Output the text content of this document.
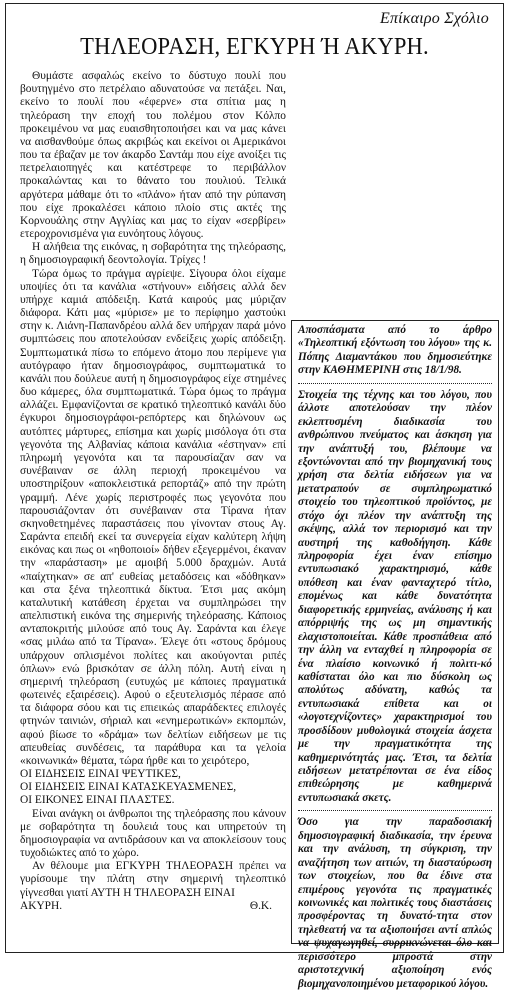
Επίκαιρο Σχόλιο
ΤΗΛΕΟΡΑΣΗ, ΕΓΚΥΡΗ Ή ΑΚΥΡΗ.

Θυμάστε ασφαλώς εκείνο το δύστυχο πουλί που βουτηγμένο στο πετρέλαιο αδυνατούσε να πετάξει. Ναι, εκείνο το πουλί που «έφερνε» στα σπίτια μας η τηλεόραση την εποχή του πολέμου στον Κόλπο προκειμένου να μας ευαισθητοποιήσει και να μας κάνει να αισθανθούμε όπως ακριβώς και εκείνοι οι Αμερικάνοι που τα έβαζαν με τον άκαρδο Σαντάμ που είχε ανοίξει τις πετρελαιοπηγές και κατέστρεφε το περιβάλλον προκαλώντας και το θάνατο του πουλιού. Τελικά αργότερα μάθαμε ότι το «πλάνο» ήταν από την ρύπανση που είχε προκαλέσει κάποιο πλοίο στις ακτές της Κορνουάλης στην Αγγλίας και μας το είχαν «σερβίρει» ετεροχρονισμένα για ευνόητους λόγους.

Η αλήθεια της εικόνας, η σοβαρότητα της τηλεόρασης, η δημοσιογραφική δεοντολογία. Τρίχες !

Τώρα όμως το πράγμα αγρίεψε. Σίγουρα όλοι είχαμε υποψίες ότι τα κανάλια «στήνουν» ειδήσεις αλλά δεν υπήρχε καμιά απόδειξη. Κατά καιρούς μας μύριζαν διάφορα. Κάτι μας «μύρισε» με το περίφημο χαστούκι στην κ. Λιάνη-Παπανδρέου αλλά δεν υπήρχαν παρά μόνο συμπτώσεις που αποτελούσαν ενδείξεις χωρίς απόδειξη. Συμπτωματικά πίσω το επόμενο άτομο που περίμενε για αυτόγραφο ήταν δημοσιογράφος, συμπτωματικά το κανάλι που δούλευε αυτή η δημοσιογράφος είχε στημένες δυο κάμερες, όλα συμπτωματικά. Τώρα όμως το πράγμα αλλάζει. Εμφανίζονται σε κρατικό τηλεοπτικό κανάλι δύο έγκυροι δημοσιογράφοι-ρεπόρτερς και δηλώνουν ως αυτόπτες μάρτυρες, επίσημα και χωρίς μισόλογα ότι στα γεγονότα της Αλβανίας κάποια κανάλια «έστηναν» επί πληρωμή γεγονότα και τα παρουσίαζαν σαν να συνέβαιναν σε άλλη περιοχή προκειμένου να υποστηρίξουν «αποκλειστικά ρεπορτάζ» από την πρώτη γραμμή. Λένε χωρίς περιστροφές πως γεγονότα που παρουσιάζονταν ότι συνέβαιναν στα Τίρανα ήταν σκηνοθετημένες παραστάσεις που γίνονταν στους Αγ. Σαράντα επειδή εκεί τα συνεργεία είχαν καλύτερη λήψη εικόνας και πως οι «ηθοποιοί» δήθεν εξεγερμένοι, έκαναν την «παράσταση» με αμοιβή 5.000 δραχμών. Αυτά «παίχτηκαν» σε απ' ευθείας μεταδόσεις και «δόθηκαν» και στα ξένα τηλεοπτικά δίκτυα. Έτσι μας ακόμη καταλυτική κατάθεση έρχεται να συμπληρώσει την απελπιστική εικόνα της σημερινής τηλεόρασης. Κάποιος ανταποκριτής μιλούσε από τους Αγ. Σαράντα και έλεγε «σας μιλάω από τα Τίρανα». Έλεγε ότι «στους δρόμους υπάρχουν οπλισμένοι πολίτες και ακούγονται ριπές όπλων» ενώ βρισκόταν σε άλλη πόλη. Αυτή είναι η σημερινή τηλεόραση (ευτυχώς με κάποιες πραγματικά φωτεινές εξαιρέσεις). Αφού ο εξευτελισμός πέρασε από τα διάφορα σόου και τις επιεικώς απαράδεκτες επιλογές φτηνών ταινιών, σήριαλ και «ενημερωτικών» εκπομπών, αφού βίωσε το «δράμα» των δελτίων ειδήσεων με τις απευθείας συνδέσεις, τα παράθυρα και τα γελοία «κοινωνικά» θέματα, τώρα ήρθε και το χειρότερο,

ΟΙ ΕΙΔΗΣΕΙΣ ΕΙΝΑΙ ΨΕΥΤΙΚΕΣ,
ΟΙ ΕΙΔΗΣΕΙΣ ΕΙΝΑΙ ΚΑΤΑΣΚΕΥΑΣΜΕΝΕΣ,
ΟΙ ΕΙΚΟΝΕΣ ΕΙΝΑΙ ΠΛΑΣΤΕΣ.

Είναι ανάγκη οι άνθρωποι της τηλεόρασης που κάνουν με σοβαρότητα τη δουλειά τους και υπηρετούν τη δημοσιογραφία να αντιδράσουν και να αποκλείσουν τους τυχοδιώκτες από το χώρο.

Αν θέλουμε μια ΕΓΚΥΡΗ ΤΗΛΕΟΡΑΣΗ πρέπει να γυρίσουμε την πλάτη στην σημερινή τηλεοπτικό γίγνεσθαι γιατί ΑΥΤΗ Η ΤΗΛΕΟΡΑΣΗ ΕΙΝΑΙ

ΑΚΥΡΗ.	Θ.Κ.

Αποσπάσματα από το άρθρο «Τηλεοπτική εξόντωση του λόγου» της κ. Πόπης Διαμαντάκου που δημοσιεύτηκε στην ΚΑΘΗΜΕΡΙΝΗ στις 18/1/98.

Στοιχεία της τέχνης και του λόγου, που άλλοτε αποτελούσαν την πλέον εκλεπτυσμένη διαδικασία του ανθρώπινου πνεύματος και άσκηση για την ανάπτυξή του, βλέπουμε να εξοντώνονται από την βιομηχανική τους χρήση στα δελτία ειδήσεων για να μετατραπούν σε συμπληρωματικό στοιχείο του τηλεοπτικού προϊόντος, με στόχο όχι πλέον την ανάπτυξη της σκέψης, αλλά τον περιορισμό και την αυστηρή της καθοδήγηση. Κάθε πληροφορία έχει έναν επίσημο εντυπωσιακό χαρακτηρισμό, κάθε υπόθεση και έναν φανταχτερό τίτλο, επομένως και κάθε δυνατότητα διαφορετικής ερμηνείας, ανάλυσης ή και απόρριψής της ως μη σημαντικής ελαχιστοποιείται. Κάθε προσπάθεια από την άλλη να ενταχθεί η πληροφορία σε ένα πλαίσιο κοινωνικό ή πολιτι-κό καθίσταται όλο και πιο δύσκολη ως απολύτως αδύνατη, καθώς τα εντυπωσιακά επίθετα και οι «λογοτεχνίζοντες» χαρακτηρισμοί του προσδίδουν μυθολογικά στοιχεία άσχετα με την πραγματικότητα της καθημερινότητάς μας. Έτσι, τα δελτία ειδήσεων μετατρέπονται σε ένα είδος επιθεώρησης με καθημερινά εντυπωσιακά σκετς.

Όσο για την παραδοσιακή δημοσιογραφική διαδικασία, την έρευνα και την ανάλυση, τη σύγκριση, την αναζήτηση των αιτιών, τη διασταύρωση των στοιχείων, που θα έδινε στα επιμέρους γεγονότα τις πραγματικές κοινωνικές και πολιτικές τους διαστάσεις προσφέροντας τη δυνατό-τητα στον τηλεθεατή να τα αξιοποιήσει αντί απλώς να ψυχαγωγηθεί, συρρικνώνεται όλο και περισσότερο μπροστά στην αριστοτεχνική αξιοποίηση ενός βιομηχανοποιημένου μεταφορικού λόγου.
